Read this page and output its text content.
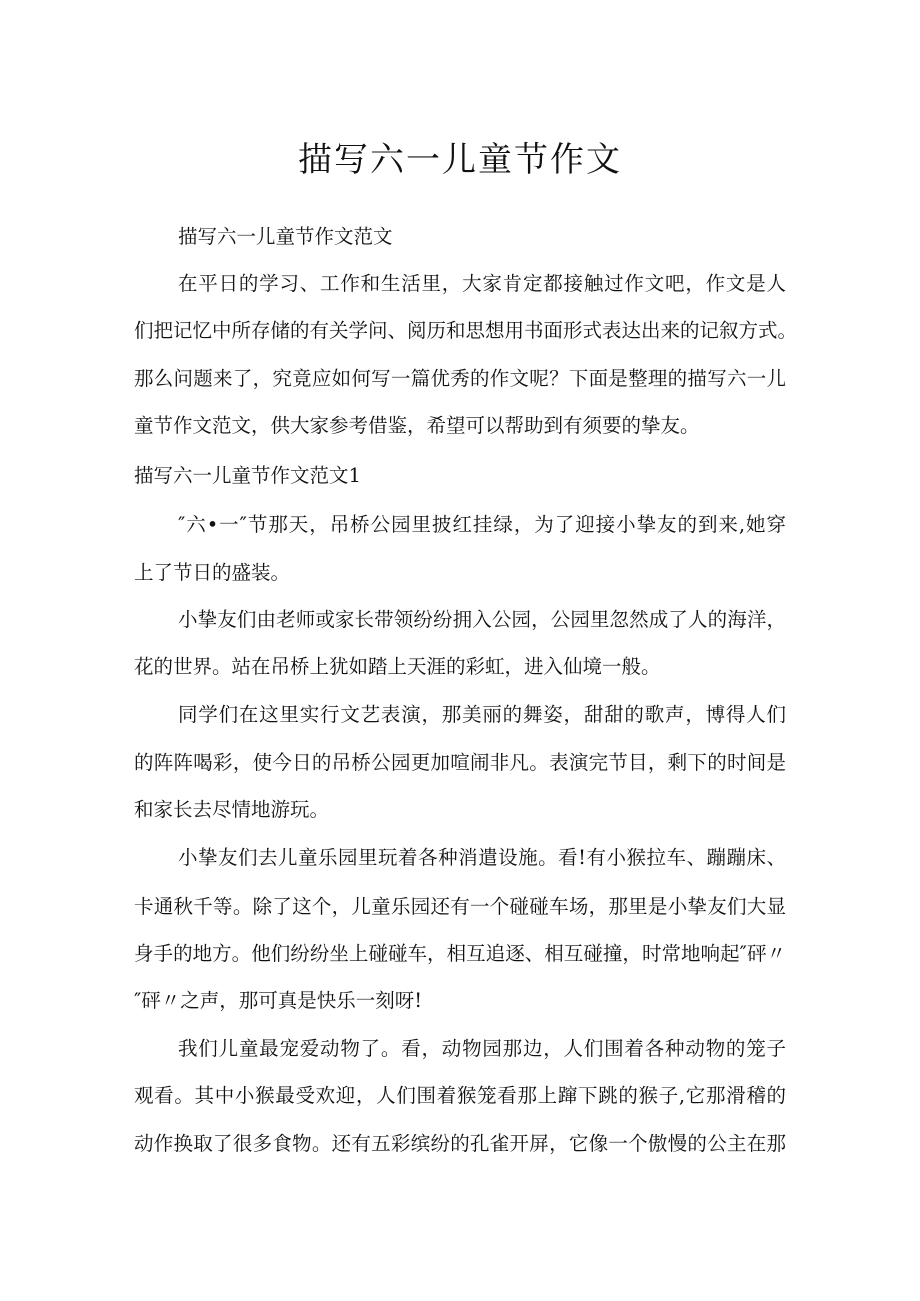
描写六一儿童节作文

描写六一儿童节作文范文

在平日的学习、工作和生活里，大家肯定都接触过作文吧，作文是人

们把记忆中所存储的有关学问、阅历和思想用书面形式表达出来的记叙方式。

那么问题来了，究竟应如何写一篇优秀的作文呢？下面是整理的描写六一儿

童节作文范文，供大家参考借鉴，希望可以帮助到有须要的挚友。

描写六一儿童节作文范文1

″六•一″节那天，吊桥公园里披红挂绿，为了迎接小挚友的到来,她穿

上了节日的盛装。

小挚友们由老师或家长带领纷纷拥入公园，公园里忽然成了人的海洋，

花的世界。站在吊桥上犹如踏上天涯的彩虹，进入仙境一般。

同学们在这里实行文艺表演，那美丽的舞姿，甜甜的歌声，博得人们

的阵阵喝彩，使今日的吊桥公园更加喧闹非凡。表演完节目，剩下的时间是

和家长去尽情地游玩。

小挚友们去儿童乐园里玩着各种消遣设施。看!有小猴拉车、蹦蹦床、

卡通秋千等。除了这个，儿童乐园还有一个碰碰车场，那里是小挚友们大显

身手的地方。他们纷纷坐上碰碰车，相互追逐、相互碰撞，时常地响起″砰〃

″砰〃之声，那可真是快乐一刻呀!

我们儿童最宠爱动物了。看，动物园那边，人们围着各种动物的笼子

观看。其中小猴最受欢迎，人们围着猴笼看那上蹿下跳的猴子,它那滑稽的

动作换取了很多食物。还有五彩缤纷的孔雀开屏，它像一个傲慢的公主在那
